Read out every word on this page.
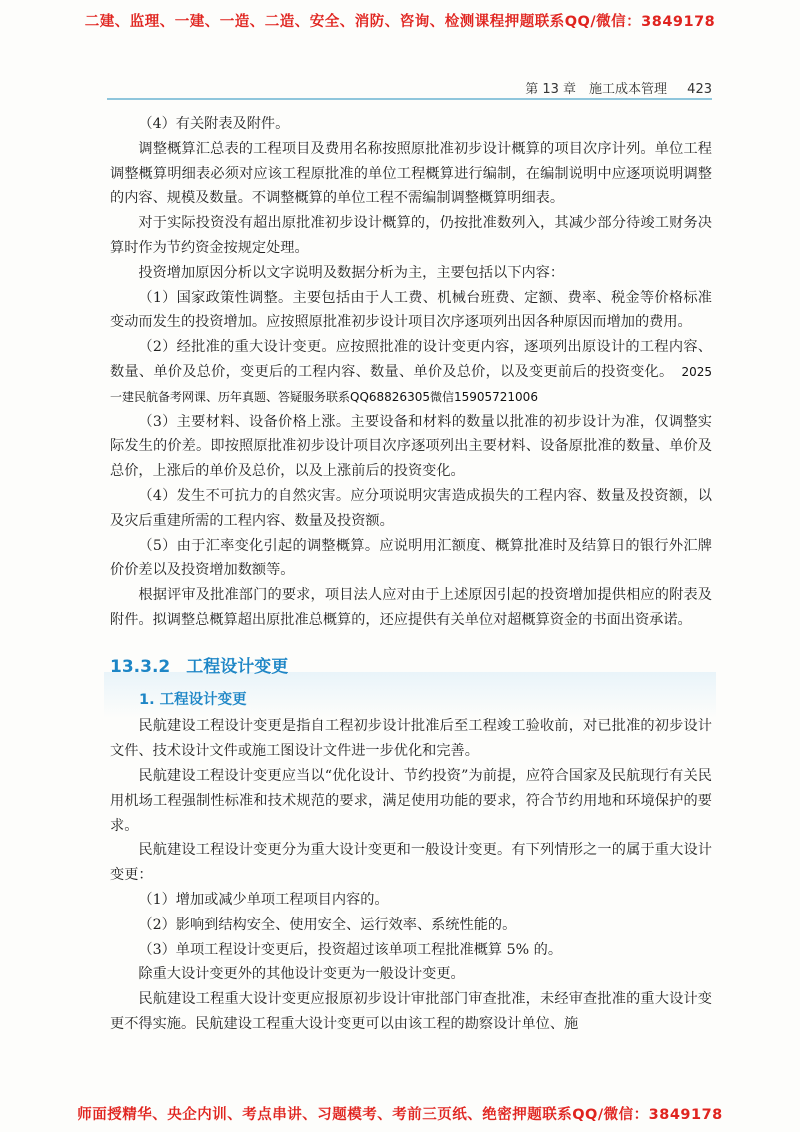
二建、监理、一建、一造、二造、安全、消防、咨询、检测课程押题联系QQ/微信：3849178
第 13 章　施工成本管理 423

（4）有关附表及附件。

调整概算汇总表的工程项目及费用名称按照原批准初步设计概算的项目次序计列。单位工程调整概算明细表必须对应该工程原批准的单位工程概算进行编制，在编制说明中应逐项说明调整的内容、规模及数量。不调整概算的单位工程不需编制调整概算明细表。

对于实际投资没有超出原批准初步设计概算的，仍按批准数列入，其减少部分待竣工财务决算时作为节约资金按规定处理。

投资增加原因分析以文字说明及数据分析为主，主要包括以下内容：

（1）国家政策性调整。主要包括由于人工费、机械台班费、定额、费率、税金等价格标准变动而发生的投资增加。应按照原批准初步设计项目次序逐项列出因各种原因而增加的费用。

（2）经批准的重大设计变更。应按照批准的设计变更内容，逐项列出原设计的工程内容、数量、单价及总价，变更后的工程内容、数量、单价及总价，以及变更前后的投资变化。 2025一建民航备考网课、历年真题、答疑服务联系QQ68826305微信15905721006

（3）主要材料、设备价格上涨。主要设备和材料的数量以批准的初步设计为准，仅调整实际发生的价差。即按照原批准初步设计项目次序逐项列出主要材料、设备原批准的数量、单价及总价，上涨后的单价及总价，以及上涨前后的投资变化。

（4）发生不可抗力的自然灾害。应分项说明灾害造成损失的工程内容、数量及投资额，以及灾后重建所需的工程内容、数量及投资额。

（5）由于汇率变化引起的调整概算。应说明用汇额度、概算批准时及结算日的银行外汇牌价价差以及投资增加数额等。

根据评审及批准部门的要求，项目法人应对由于上述原因引起的投资增加提供相应的附表及附件。拟调整总概算超出原批准总概算的，还应提供有关单位对超概算资金的书面出资承诺。

13.3.2 工程设计变更
1. 工程设计变更

民航建设工程设计变更是指自工程初步设计批准后至工程竣工验收前，对已批准的初步设计文件、技术设计文件或施工图设计文件进一步优化和完善。

民航建设工程设计变更应当以“优化设计、节约投资”为前提，应符合国家及民航现行有关民用机场工程强制性标准和技术规范的要求，满足使用功能的要求，符合节约用地和环境保护的要求。

民航建设工程设计变更分为重大设计变更和一般设计变更。有下列情形之一的属于重大设计变更：

（1）增加或减少单项工程项目内容的。

（2）影响到结构安全、使用安全、运行效率、系统性能的。

（3）单项工程设计变更后，投资超过该单项工程批准概算 5% 的。

除重大设计变更外的其他设计变更为一般设计变更。

民航建设工程重大设计变更应报原初步设计审批部门审查批准，未经审查批准的重大设计变更不得实施。民航建设工程重大设计变更可以由该工程的勘察设计单位、施

师面授精华、央企内训、考点串讲、习题模考、考前三页纸、绝密押题联系QQ/微信：3849178
